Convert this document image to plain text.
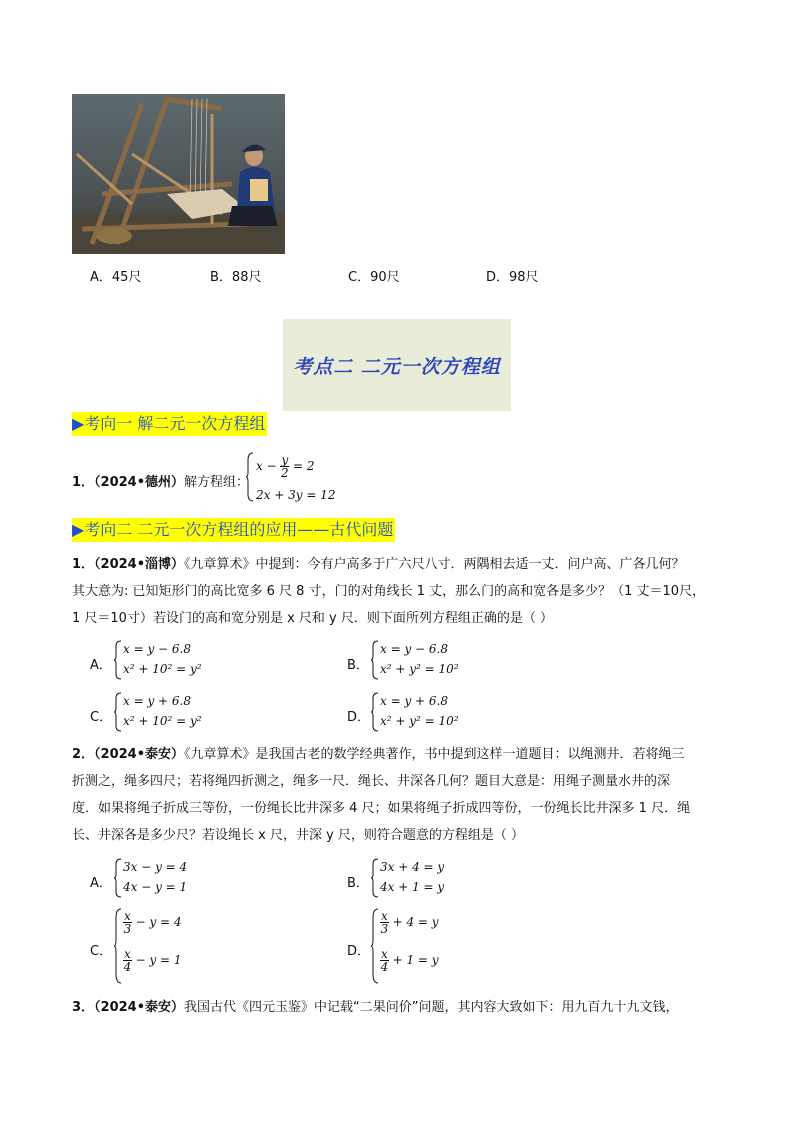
A．45尺	B．88尺	C．90尺	D．98尺
考点二 二元一次方程组
▶考向一 解二元一次方程组
1．（2024•德州）解方程组：
$x - \frac{y}{2} = 2$
2x + 3y = 12
▶考向二 二元一次方程组的应用——古代问题
1．（2024•淄博）《九章算术》中提到：今有户高多于广六尺八寸．两隅相去适一丈．问户高、广各几何？
其大意为: 已知矩形门的高比宽多 6 尺 8 寸，门的对角线长 1 丈，那么门的高和宽各是多少？（1 丈＝10尺，
1 尺＝10寸）若设门的高和宽分别是 x 尺和 y 尺．则下面所列方程组正确的是（ ）
A．
x = y − 6.8
x² + 10² = y²	B．
x = y − 6.8
x² + y² = 10²
C．
x = y + 6.8
x² + 10² = y²	D．
x = y + 6.8
x² + y² = 10²
2．（2024•泰安）《九章算术》是我国古老的数学经典著作，书中提到这样一道题目：以绳测井．若将绳三
折测之，绳多四尺；若将绳四折测之，绳多一尺．绳长、井深各几何？题目大意是：用绳子测量水井的深
度．如果将绳子折成三等份，一份绳长比井深多 4 尺；如果将绳子折成四等份，一份绳长比井深多 1 尺．绳
长、井深各是多少尺？若设绳长 x 尺，井深 y 尺，则符合题意的方程组是（ ）
A．
3x − y = 4
4x − y = 1	B．
3x + 4 = y
4x + 1 = y
C．
$\frac{x}{3} - y = 4$
$\frac{x}{4} - y = 1$
D．
$\frac{x}{3} + 4 = y$
$\frac{x}{4} + 1 = y$
3．（2024•泰安）我国古代《四元玉鉴》中记载“二果问价”问题，其内容大致如下：用九百九十九文钱，
